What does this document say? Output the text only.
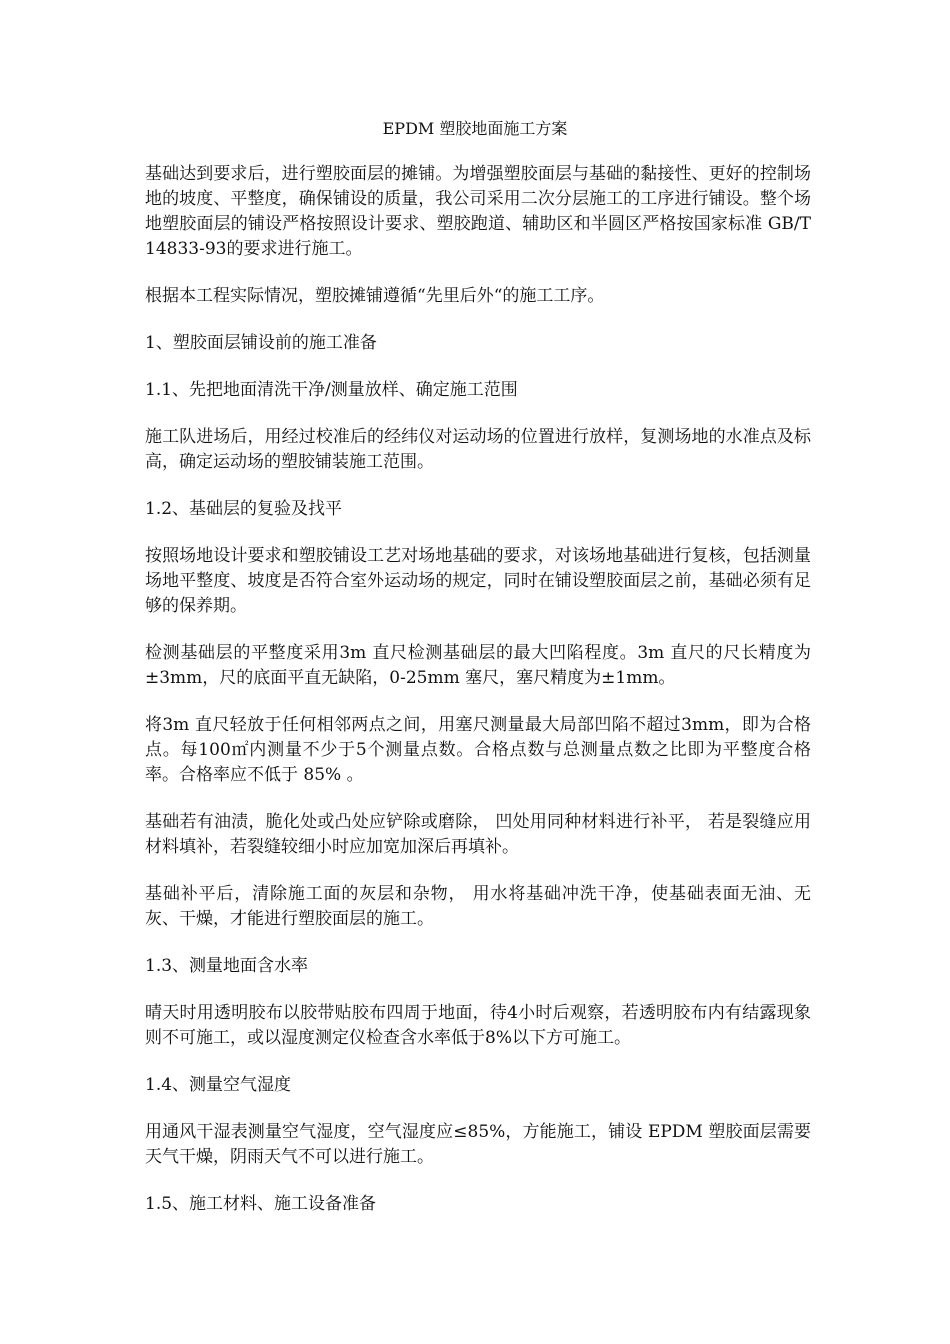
EPDM 塑胶地面施工方案

基础达到要求后，进行塑胶面层的摊铺。为增强塑胶面层与基础的黏接性、更好的控制场地的坡度、平整度，确保铺设的质量，我公司采用二次分层施工的工序进行铺设。整个场地塑胶面层的铺设严格按照设计要求、塑胶跑道、辅助区和半圆区严格按国家标准 GB/T14833-93的要求进行施工。

根据本工程实际情况，塑胶摊铺遵循“先里后外“的施工工序。

1、塑胶面层铺设前的施工准备

1.1、先把地面清洗干净/测量放样、确定施工范围

施工队进场后，用经过校准后的经纬仪对运动场的位置进行放样，复测场地的水准点及标高，确定运动场的塑胶铺装施工范围。

1.2、基础层的复验及找平

按照场地设计要求和塑胶铺设工艺对场地基础的要求，对该场地基础进行复核，包括测量场地平整度、坡度是否符合室外运动场的规定，同时在铺设塑胶面层之前，基础必须有足够的保养期。

检测基础层的平整度采用3m 直尺检测基础层的最大凹陷程度。3m 直尺的尺长精度为±3mm，尺的底面平直无缺陷，0-25mm 塞尺，塞尺精度为±1mm。

将3m 直尺轻放于任何相邻两点之间，用塞尺测量最大局部凹陷不超过3mm，即为合格点。每100㎡内测量不少于5个测量点数。合格点数与总测量点数之比即为平整度合格率。合格率应不低于 85% 。

基础若有油渍，脆化处或凸处应铲除或磨除， 凹处用同种材料进行补平， 若是裂缝应用材料填补，若裂缝较细小时应加宽加深后再填补。

基础补平后，清除施工面的灰层和杂物， 用水将基础冲洗干净，使基础表面无油、无灰、干燥，才能进行塑胶面层的施工。

1.3、测量地面含水率

晴天时用透明胶布以胶带贴胶布四周于地面，待4小时后观察，若透明胶布内有结露现象则不可施工，或以湿度测定仪检查含水率低于8%以下方可施工。

1.4、测量空气湿度

用通风干湿表测量空气湿度，空气湿度应≤85%，方能施工，铺设 EPDM 塑胶面层需要天气干燥，阴雨天气不可以进行施工。

1.5、施工材料、施工设备准备
